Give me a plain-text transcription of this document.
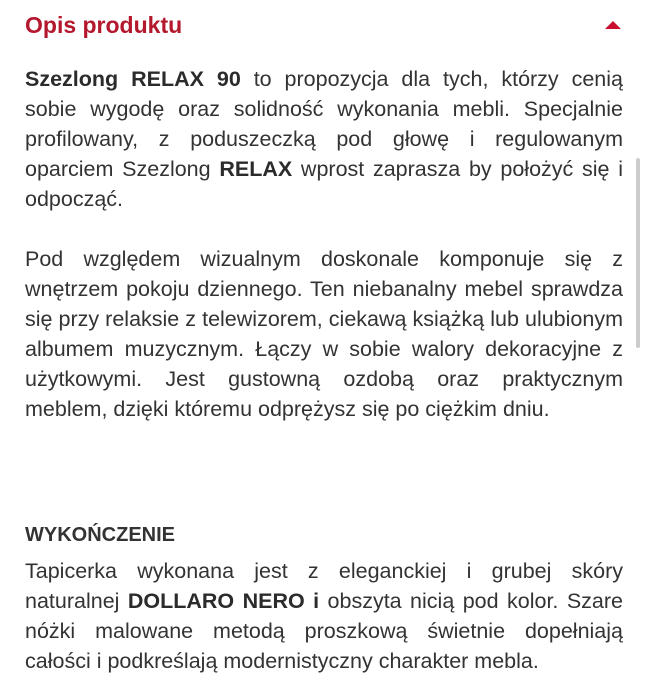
Opis produktu

Szezlong RELAX 90 to propozycja dla tych, którzy cenią sobie wygodę oraz solidność wykonania mebli. Specjalnie profilowany, z poduszeczką pod głowę i regulowanym oparciem Szezlong RELAX wprost zaprasza by położyć się i odpocząć.

Pod względem wizualnym doskonale komponuje się z wnętrzem pokoju dziennego. Ten niebanalny mebel sprawdza się przy relaksie z telewizorem, ciekawą książką lub ulubionym albumem muzycznym. Łączy w sobie walory dekoracyjne z użytkowymi. Jest gustowną ozdobą oraz praktycznym meblem, dzięki któremu odprężysz się po ciężkim dniu.

WYKOŃCZENIE

Tapicerka wykonana jest z eleganckiej i grubej skóry naturalnej DOLLARO NERO i obszyta nicią pod kolor. Szare nóżki malowane metodą proszkową świetnie dopełniają całości i podkreślają modernistyczny charakter mebla.
